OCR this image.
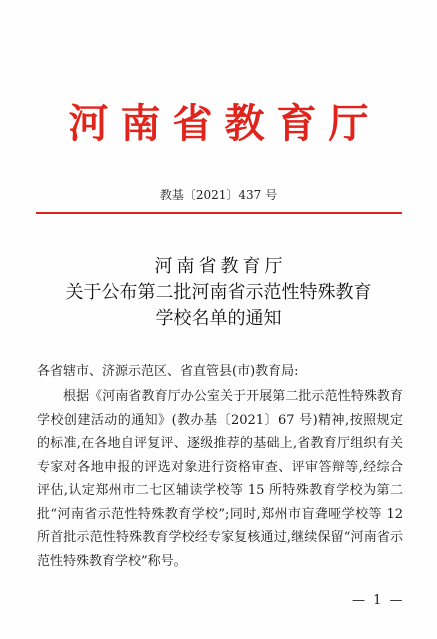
河南省教育厅
教基〔2021〕437 号
河南省教育厅
关于公布第二批河南省示范性特殊教育
学校名单的通知
各省辖市、济源示范区、省直管县(市)教育局:
根据《河南省教育厅办公室关于开展第二批示范性特殊教育学校创建活动的通知》(教办基〔2021〕67 号)精神,按照规定的标准,在各地自评复评、逐级推荐的基础上,省教育厅组织有关专家对各地申报的评选对象进行资格审查、评审答辩等,经综合评估,认定郑州市二七区辅读学校等 15 所特殊教育学校为第二批“河南省示范性特殊教育学校”;同时,郑州市盲聋哑学校等 12 所首批示范性特殊教育学校经专家复核通过,继续保留“河南省示范性特殊教育学校”称号。
— 1 —
